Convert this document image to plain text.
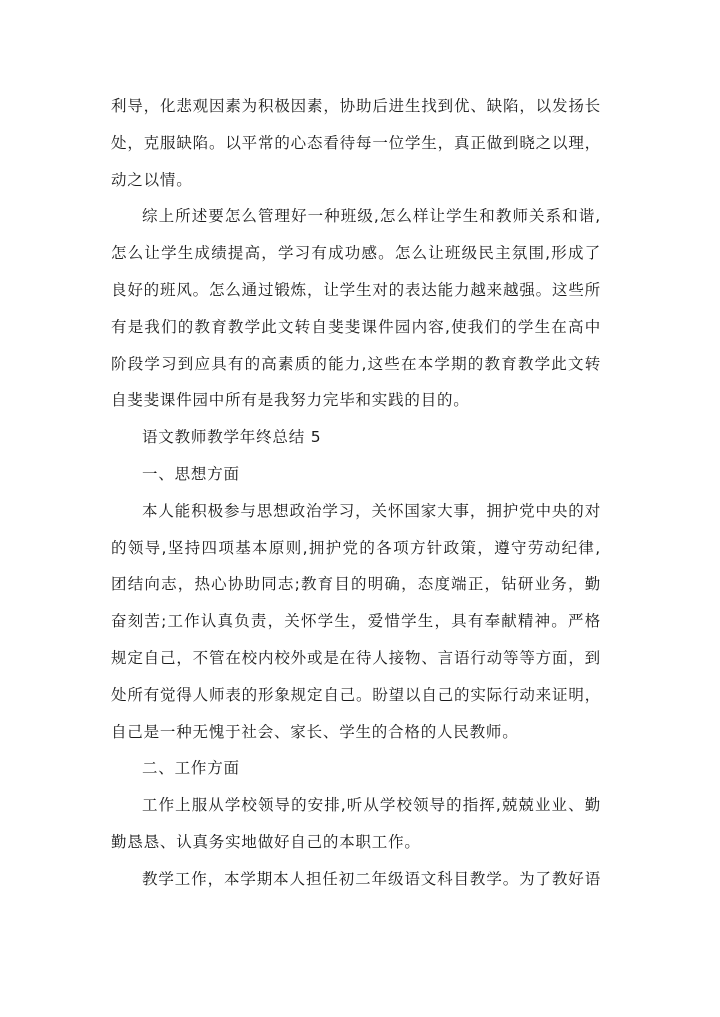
利导，化悲观因素为积极因素，协助后进生找到优、缺陷，以发扬长
处，克服缺陷。以平常的心态看待每一位学生，真正做到晓之以理，
动之以情。
综上所述要怎么管理好一种班级,怎么样让学生和教师关系和谐,
怎么让学生成绩提高，学习有成功感。怎么让班级民主氛围,形成了
良好的班风。怎么通过锻炼，让学生对的表达能力越来越强。这些所
有是我们的教育教学此文转自斐斐课件园内容,使我们的学生在高中
阶段学习到应具有的高素质的能力,这些在本学期的教育教学此文转
自斐斐课件园中所有是我努力完毕和实践的目的。
语文教师教学年终总结 5
一、思想方面
本人能积极参与思想政治学习，关怀国家大事，拥护党中央的对
的领导,坚持四项基本原则,拥护党的各项方针政策，遵守劳动纪律,
团结向志，热心协助同志;教育目的明确，态度端正，钻研业务，勤
奋刻苦;工作认真负责，关怀学生，爱惜学生，具有奉献精神。严格
规定自己，不管在校内校外或是在待人接物、言语行动等等方面，到
处所有觉得人师表的形象规定自己。盼望以自己的实际行动来证明，
自己是一种无愧于社会、家长、学生的合格的人民教师。
二、工作方面
工作上服从学校领导的安排,听从学校领导的指挥,兢兢业业、勤
勤恳恳、认真务实地做好自己的本职工作。
教学工作，本学期本人担任初二年级语文科目教学。为了教好语
